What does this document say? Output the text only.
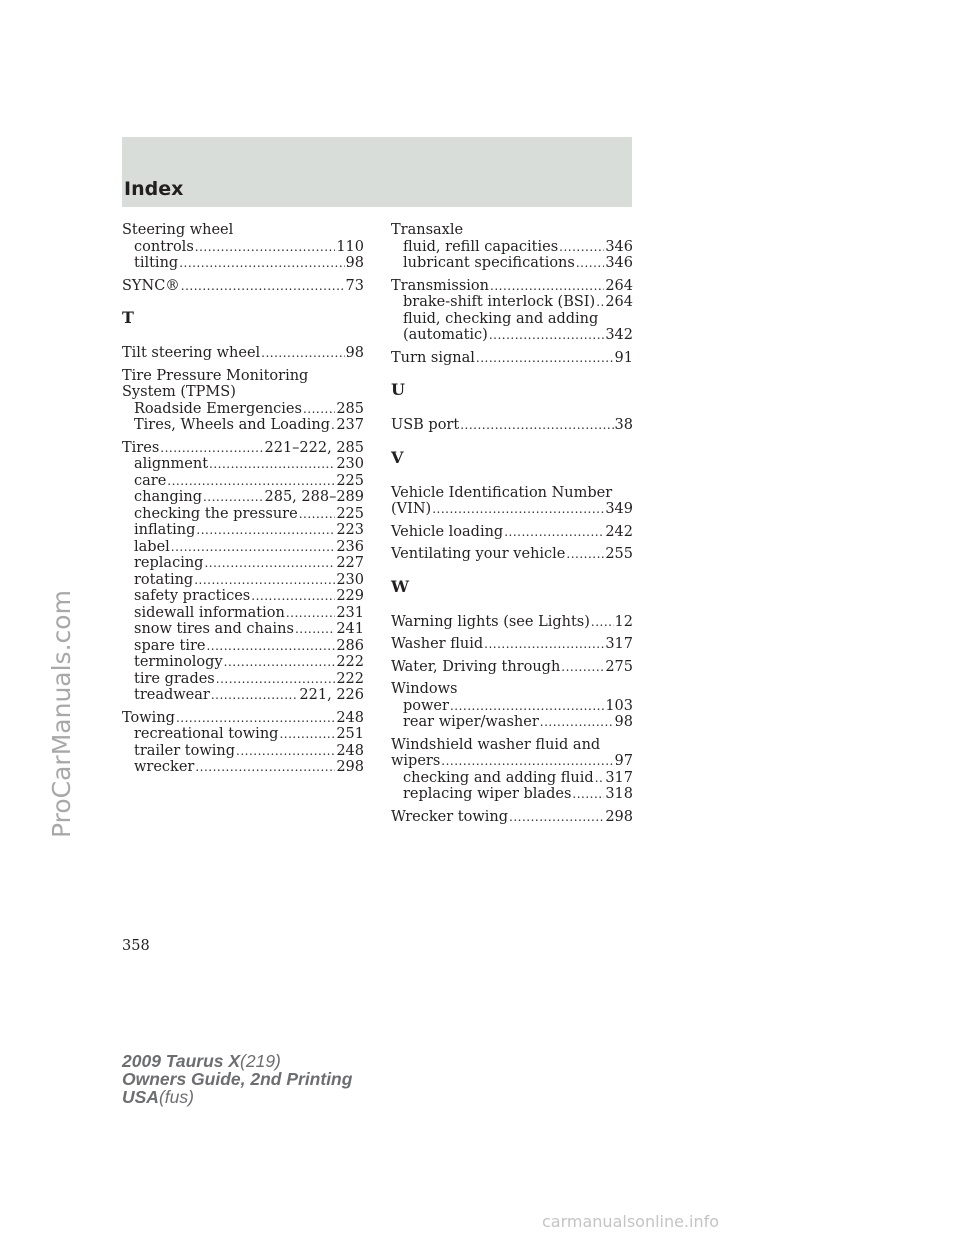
Index
Steering wheel
controls .....	110
tilting .....	98
SYNC® .....	73
T
Tilt steering wheel .....	98
Tire Pressure Monitoring
System (TPMS)
Roadside Emergencies ..... 285
Tires, Wheels and Loading ..... 237
Tires .....	221–222, 285
alignment .....	230
care .....	225
changing .....	285, 288–289
checking the pressure .....	225
inflating .....	223
label .....	236
replacing .....	227
rotating .....	230
safety practices .....	229
sidewall information .....	231
snow tires and chains .....	241
spare tire .....	286
terminology .....	222
tire grades .....	222
treadwear .....	221, 226
Towing .....	248
recreational towing .....	251
trailer towing .....	248
wrecker .....	298
Transaxle
fluid, refill capacities .....	346
lubricant specifications ..... 346
Transmission .....	264
brake-shift interlock (BSI) ..... 264
fluid, checking and adding
(automatic) .....	342
Turn signal .....	91
U
USB port .....	38
V
Vehicle Identification Number
(VIN) .....	349
Vehicle loading .....	242
Ventilating your vehicle .....	255
W
Warning lights (see Lights) ..... 12
Washer fluid .....	317
Water, Driving through .....	275
Windows
power .....	103
rear wiper/washer .....	98
Windshield washer fluid and
wipers .....	97
checking and adding fluid ..... 317
replacing wiper blades ..... 318
Wrecker towing .....	298
358
ProCarManuals.com
2009 Taurus X(219)
Owners Guide, 2nd Printing
USA(fus)
carmanualsonline.info
